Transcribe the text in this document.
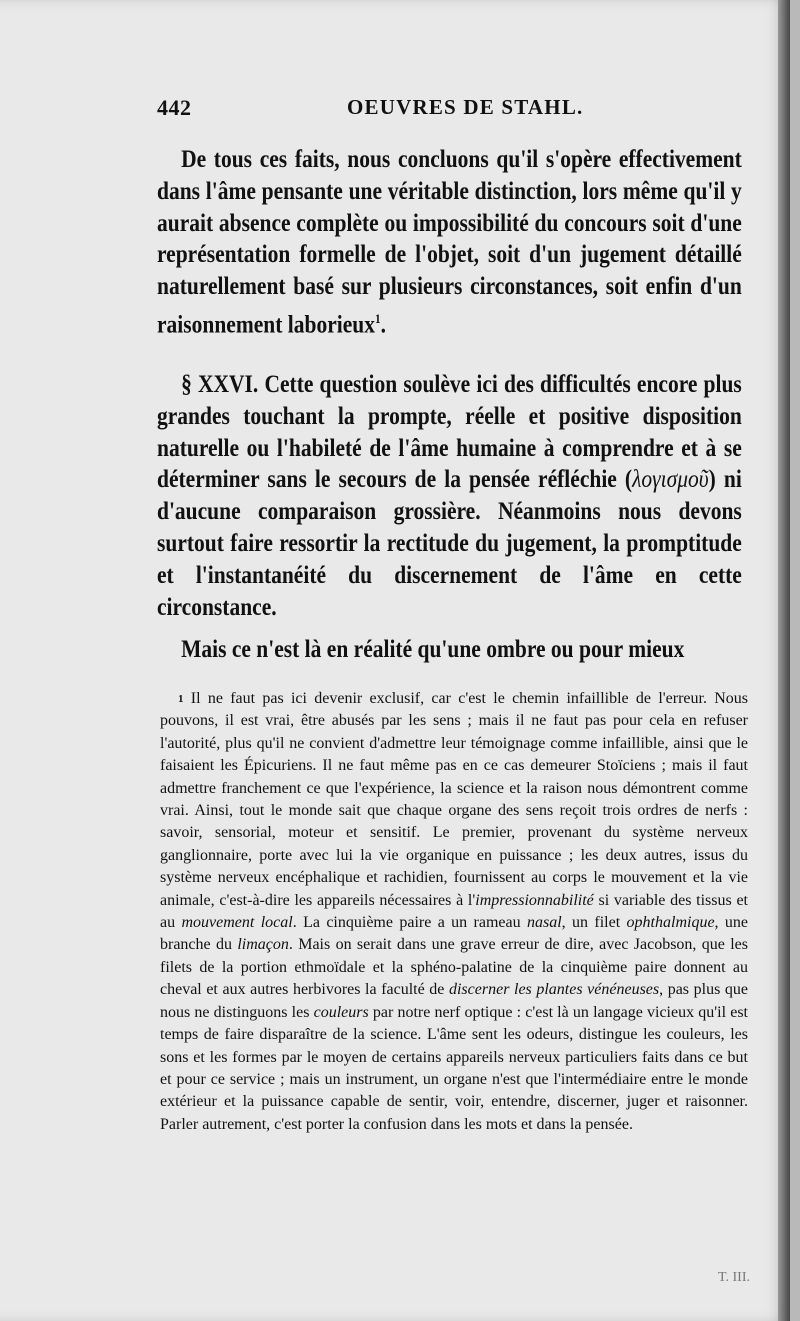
442	OEUVRES DE STAHL.

De tous ces faits, nous concluons qu'il s'opère effectivement dans l'âme pensante une véritable distinction, lors même qu'il y aurait absence complète ou impossibilité du concours soit d'une représentation formelle de l'objet, soit d'un jugement détaillé naturellement basé sur plusieurs circonstances, soit enfin d'un raisonnement laborieux$^1$.

§ XXVI. Cette question soulève ici des difficultés encore plus grandes touchant la prompte, réelle et positive disposition naturelle ou l'habileté de l'âme humaine à comprendre et à se déterminer sans le secours de la pensée réfléchie (λογισμοῦ) ni d'aucune comparaison grossière. Néanmoins nous devons surtout faire ressortir la rectitude du jugement, la promptitude et l'instantanéité du discernement de l'âme en cette circonstance.

Mais ce n'est là en réalité qu'une ombre ou pour mieux

$^1$ Il ne faut pas ici devenir exclusif, car c'est le chemin infaillible de l'erreur. Nous pouvons, il est vrai, être abusés par les sens ; mais il ne faut pas pour cela en refuser l'autorité, plus qu'il ne convient d'admettre leur témoignage comme infaillible, ainsi que le faisaient les Épicuriens. Il ne faut même pas en ce cas demeurer Stoïciens ; mais il faut admettre franchement ce que l'expérience, la science et la raison nous démontrent comme vrai. Ainsi, tout le monde sait que chaque organe des sens reçoit trois ordres de nerfs : savoir, sensorial, moteur et sensitif. Le premier, provenant du système nerveux ganglionnaire, porte avec lui la vie organique en puissance ; les deux autres, issus du système nerveux encéphalique et rachidien, fournissent au corps le mouvement et la vie animale, c'est-à-dire les appareils nécessaires à l'impressionnabilité si variable des tissus et au mouvement local. La cinquième paire a un rameau nasal, un filet ophthalmique, une branche du limaçon. Mais on serait dans une grave erreur de dire, avec Jacobson, que les filets de la portion ethmoïdale et la sphéno-palatine de la cinquième paire donnent au cheval et aux autres herbivores la faculté de discerner les plantes vénéneuses, pas plus que nous ne distinguons les couleurs par notre nerf optique : c'est là un langage vicieux qu'il est temps de faire disparaître de la science. L'âme sent les odeurs, distingue les couleurs, les sons et les formes par le moyen de certains appareils nerveux particuliers faits dans ce but et pour ce service ; mais un instrument, un organe n'est que l'intermédiaire entre le monde extérieur et la puissance capable de sentir, voir, entendre, discerner, juger et raisonner. Parler autrement, c'est porter la confusion dans les mots et dans la pensée.

T. III.
